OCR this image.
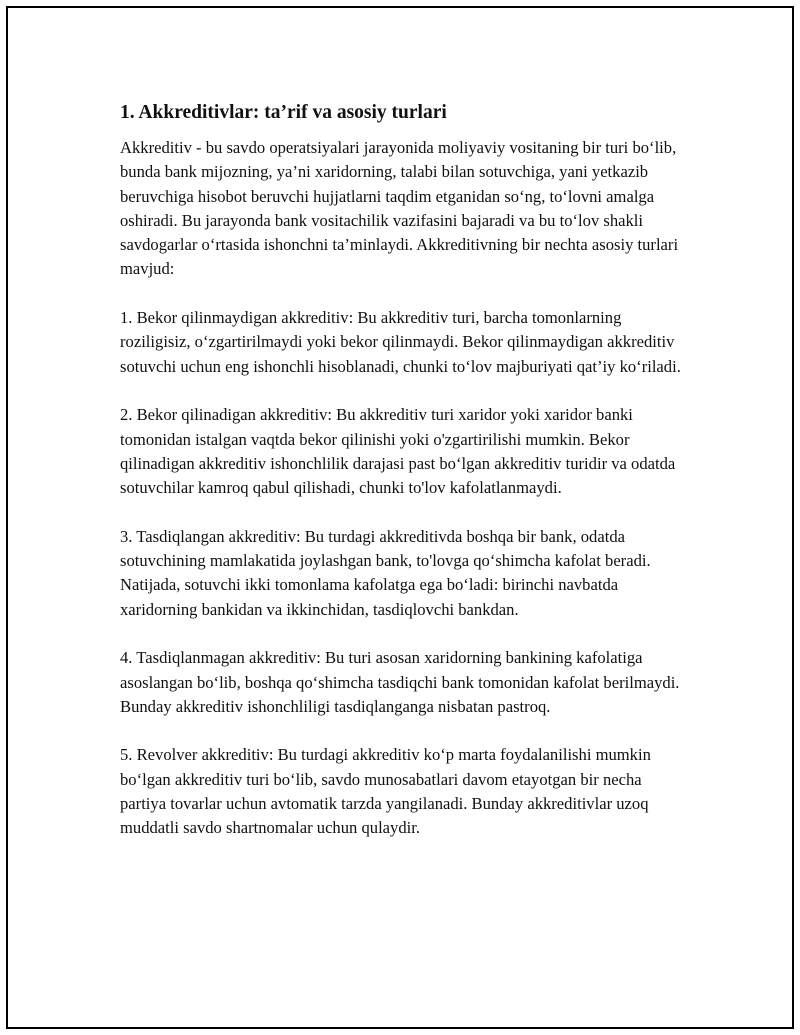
1. Akkreditivlar: ta’rif va asosiy turlari

Akkreditiv - bu savdo operatsiyalari jarayonida moliyaviy vositaning bir turi bo‘lib, bunda bank mijozning, ya’ni xaridorning, talabi bilan sotuvchiga, yani yetkazib beruvchiga hisobot beruvchi hujjatlarni taqdim etganidan so‘ng, to‘lovni amalga oshiradi. Bu jarayonda bank vositachilik vazifasini bajaradi va bu to‘lov shakli savdogarlar o‘rtasida ishonchni ta’minlaydi. Akkreditivning bir nechta asosiy turlari mavjud:

1. Bekor qilinmaydigan akkreditiv: Bu akkreditiv turi, barcha tomonlarning roziligisiz, o‘zgartirilmaydi yoki bekor qilinmaydi. Bekor qilinmaydigan akkreditiv sotuvchi uchun eng ishonchli hisoblanadi, chunki to‘lov majburiyati qat’iy ko‘riladi.

2. Bekor qilinadigan akkreditiv: Bu akkreditiv turi xaridor yoki xaridor banki tomonidan istalgan vaqtda bekor qilinishi yoki o'zgartirilishi mumkin. Bekor qilinadigan akkreditiv ishonchlilik darajasi past bo‘lgan akkreditiv turidir va odatda sotuvchilar kamroq qabul qilishadi, chunki to'lov kafolatlanmaydi.

3. Tasdiqlangan akkreditiv: Bu turdagi akkreditivda boshqa bir bank, odatda sotuvchining mamlakatida joylashgan bank, to'lovga qo‘shimcha kafolat beradi. Natijada, sotuvchi ikki tomonlama kafolatga ega bo‘ladi: birinchi navbatda xaridorning bankidan va ikkinchidan, tasdiqlovchi bankdan.

4. Tasdiqlanmagan akkreditiv: Bu turi asosan xaridorning bankining kafolatiga asoslangan bo‘lib, boshqa qo‘shimcha tasdiqchi bank tomonidan kafolat berilmaydi. Bunday akkreditiv ishonchliligi tasdiqlanganga nisbatan pastroq.

5. Revolver akkreditiv: Bu turdagi akkreditiv ko‘p marta foydalanilishi mumkin bo‘lgan akkreditiv turi bo‘lib, savdo munosabatlari davom etayotgan bir necha partiya tovarlar uchun avtomatik tarzda yangilanadi. Bunday akkreditivlar uzoq muddatli savdo shartnomalar uchun qulaydir.
